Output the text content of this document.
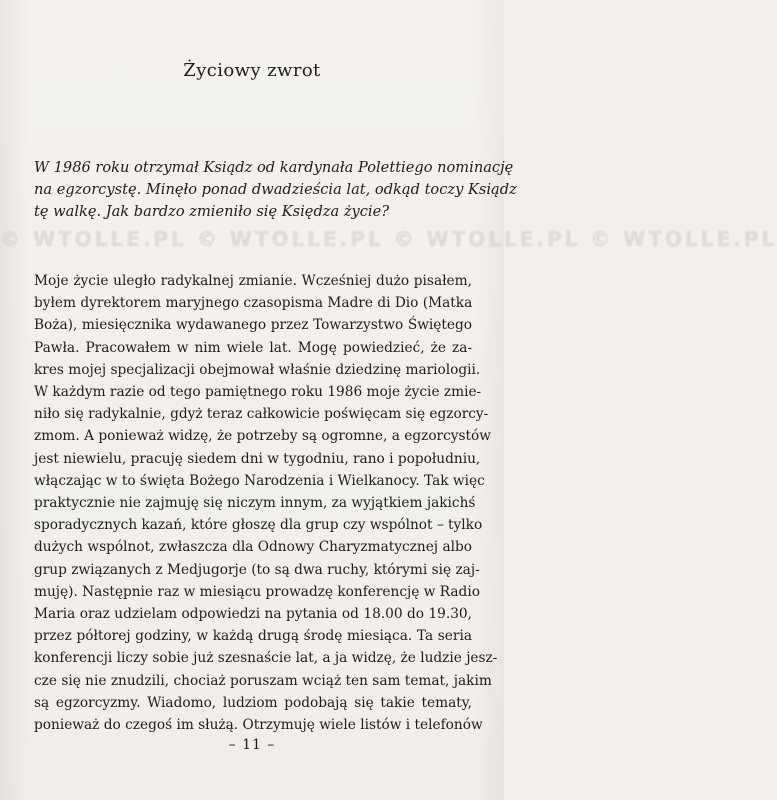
Życiowy zwrot
W 1986 roku otrzymał Ksiądz od kardynała Polettiego nominację
na egzorcystę. Minęło ponad dwadzieścia lat, odkąd toczy Ksiądz
tę walkę. Jak bardzo zmieniło się Księdza życie?
© WTOLLE.PL © WTOLLE.PL © WTOLLE.PL © WTOLLE.PL
Moje życie uległo radykalnej zmianie. Wcześniej dużo pisałem,
byłem dyrektorem maryjnego czasopisma Madre di Dio (Matka
Boża), miesięcznika wydawanego przez Towarzystwo Świętego
Pawła. Pracowałem w nim wiele lat. Mogę powiedzieć, że za-
kres mojej specjalizacji obejmował właśnie dziedzinę mariologii.
W każdym razie od tego pamiętnego roku 1986 moje życie zmie-
niło się radykalnie, gdyż teraz całkowicie poświęcam się egzorcy-
zmom. A ponieważ widzę, że potrzeby są ogromne, a egzorcystów
jest niewielu, pracuję siedem dni w tygodniu, rano i popołudniu,
włączając w to święta Bożego Narodzenia i Wielkanocy. Tak więc
praktycznie nie zajmuję się niczym innym, za wyjątkiem jakichś
sporadycznych kazań, które głoszę dla grup czy wspólnot – tylko
dużych wspólnot, zwłaszcza dla Odnowy Charyzmatycznej albo
grup związanych z Medjugorje (to są dwa ruchy, którymi się zaj-
muję). Następnie raz w miesiącu prowadzę konferencję w Radio
Maria oraz udzielam odpowiedzi na pytania od 18.00 do 19.30,
przez półtorej godziny, w każdą drugą środę miesiąca. Ta seria
konferencji liczy sobie już szesnaście lat, a ja widzę, że ludzie jesz-
cze się nie znudzili, chociaż poruszam wciąż ten sam temat, jakim
są egzorcyzmy. Wiadomo, ludziom podobają się takie tematy,
ponieważ do czegoś im służą. Otrzymuję wiele listów i telefonów
– 11 –
